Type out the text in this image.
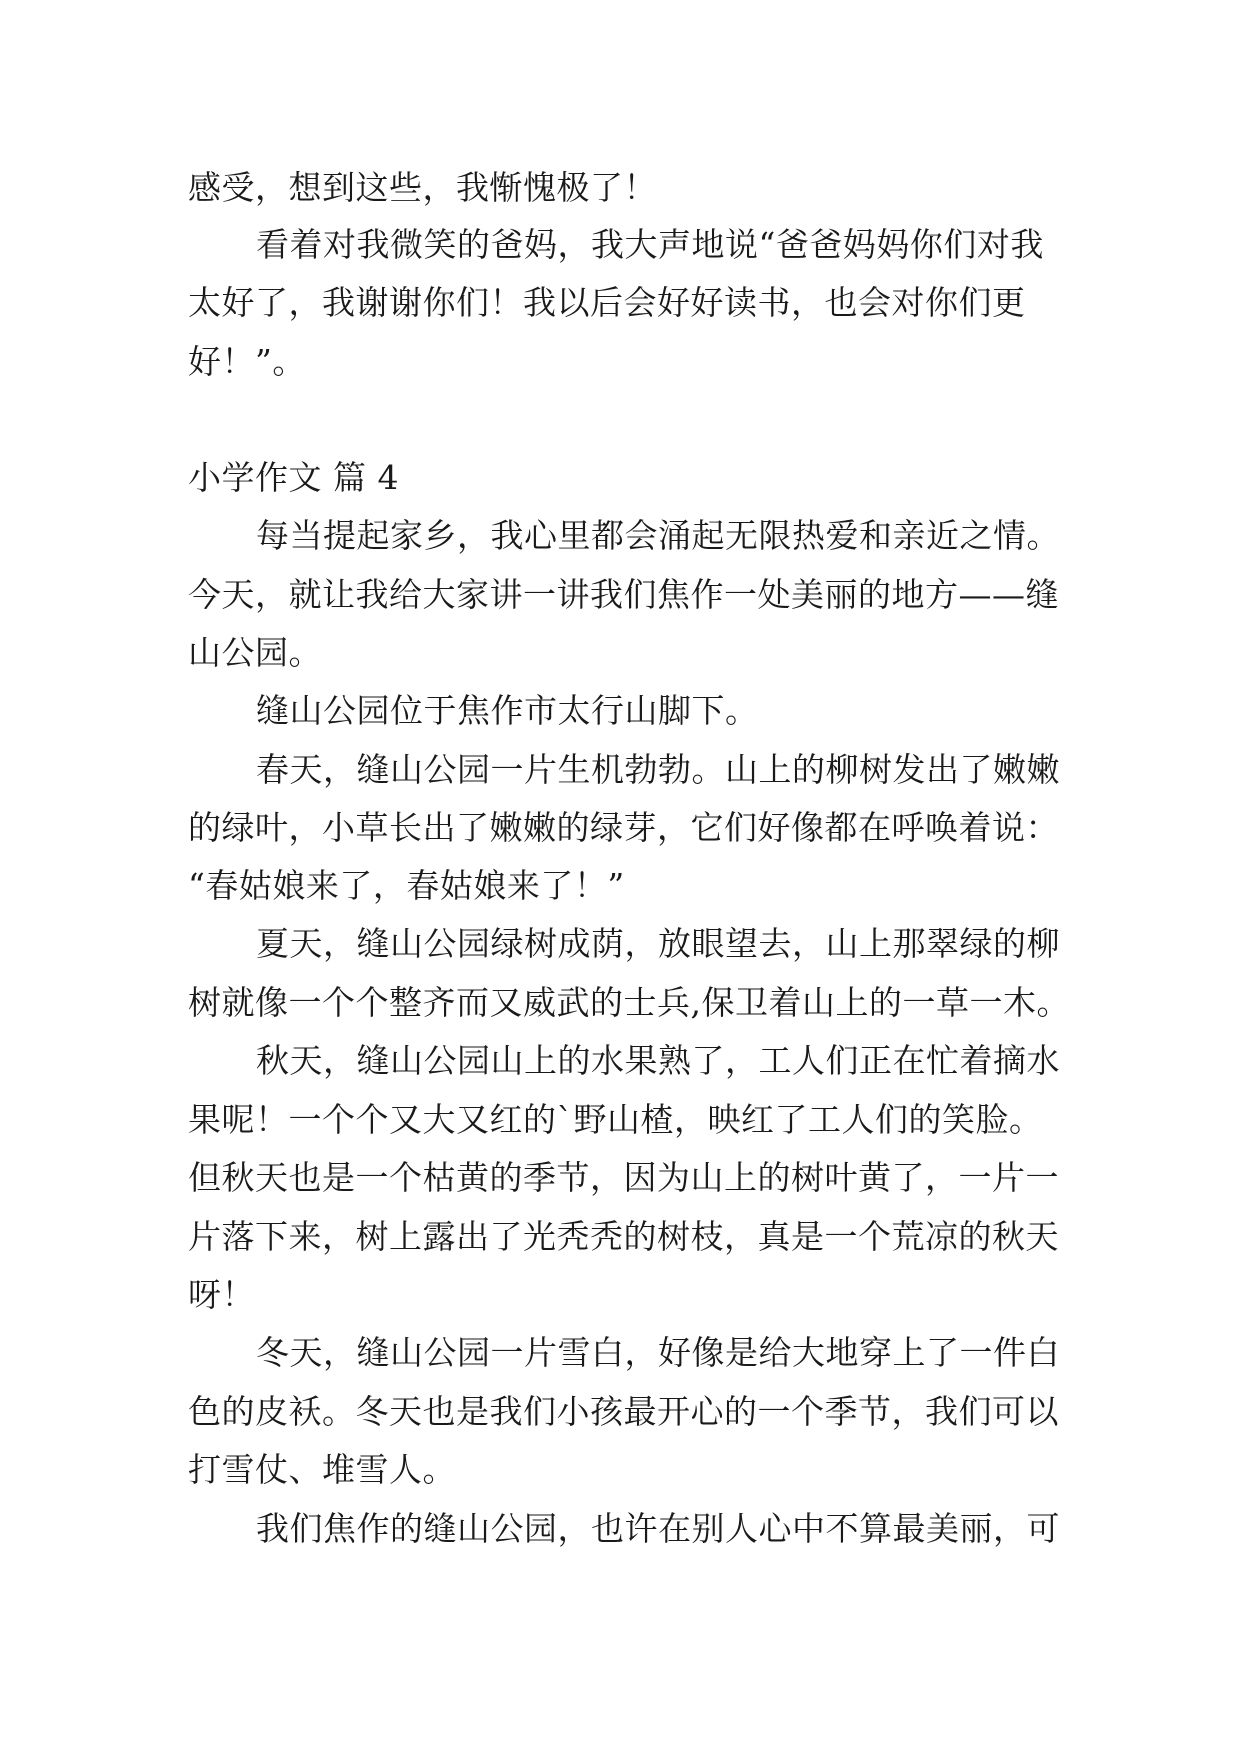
感受，想到这些，我惭愧极了！
看着对我微笑的爸妈，我大声地说“爸爸妈妈你们对我
太好了，我谢谢你们！我以后会好好读书，也会对你们更
好！”。
小学作文 篇 4
每当提起家乡，我心里都会涌起无限热爱和亲近之情。
今天，就让我给大家讲一讲我们焦作一处美丽的地方——缝
山公园。
缝山公园位于焦作市太行山脚下。
春天，缝山公园一片生机勃勃。山上的柳树发出了嫩嫩
的绿叶，小草长出了嫩嫩的绿芽，它们好像都在呼唤着说：
“春姑娘来了，春姑娘来了！”
夏天，缝山公园绿树成荫，放眼望去，山上那翠绿的柳
树就像一个个整齐而又威武的士兵,保卫着山上的一草一木。
秋天，缝山公园山上的水果熟了，工人们正在忙着摘水
果呢！一个个又大又红的`野山楂，映红了工人们的笑脸。
但秋天也是一个枯黄的季节，因为山上的树叶黄了，一片一
片落下来，树上露出了光秃秃的树枝，真是一个荒凉的秋天
呀！
冬天，缝山公园一片雪白，好像是给大地穿上了一件白
色的皮袄。冬天也是我们小孩最开心的一个季节，我们可以
打雪仗、堆雪人。
我们焦作的缝山公园，也许在别人心中不算最美丽，可
